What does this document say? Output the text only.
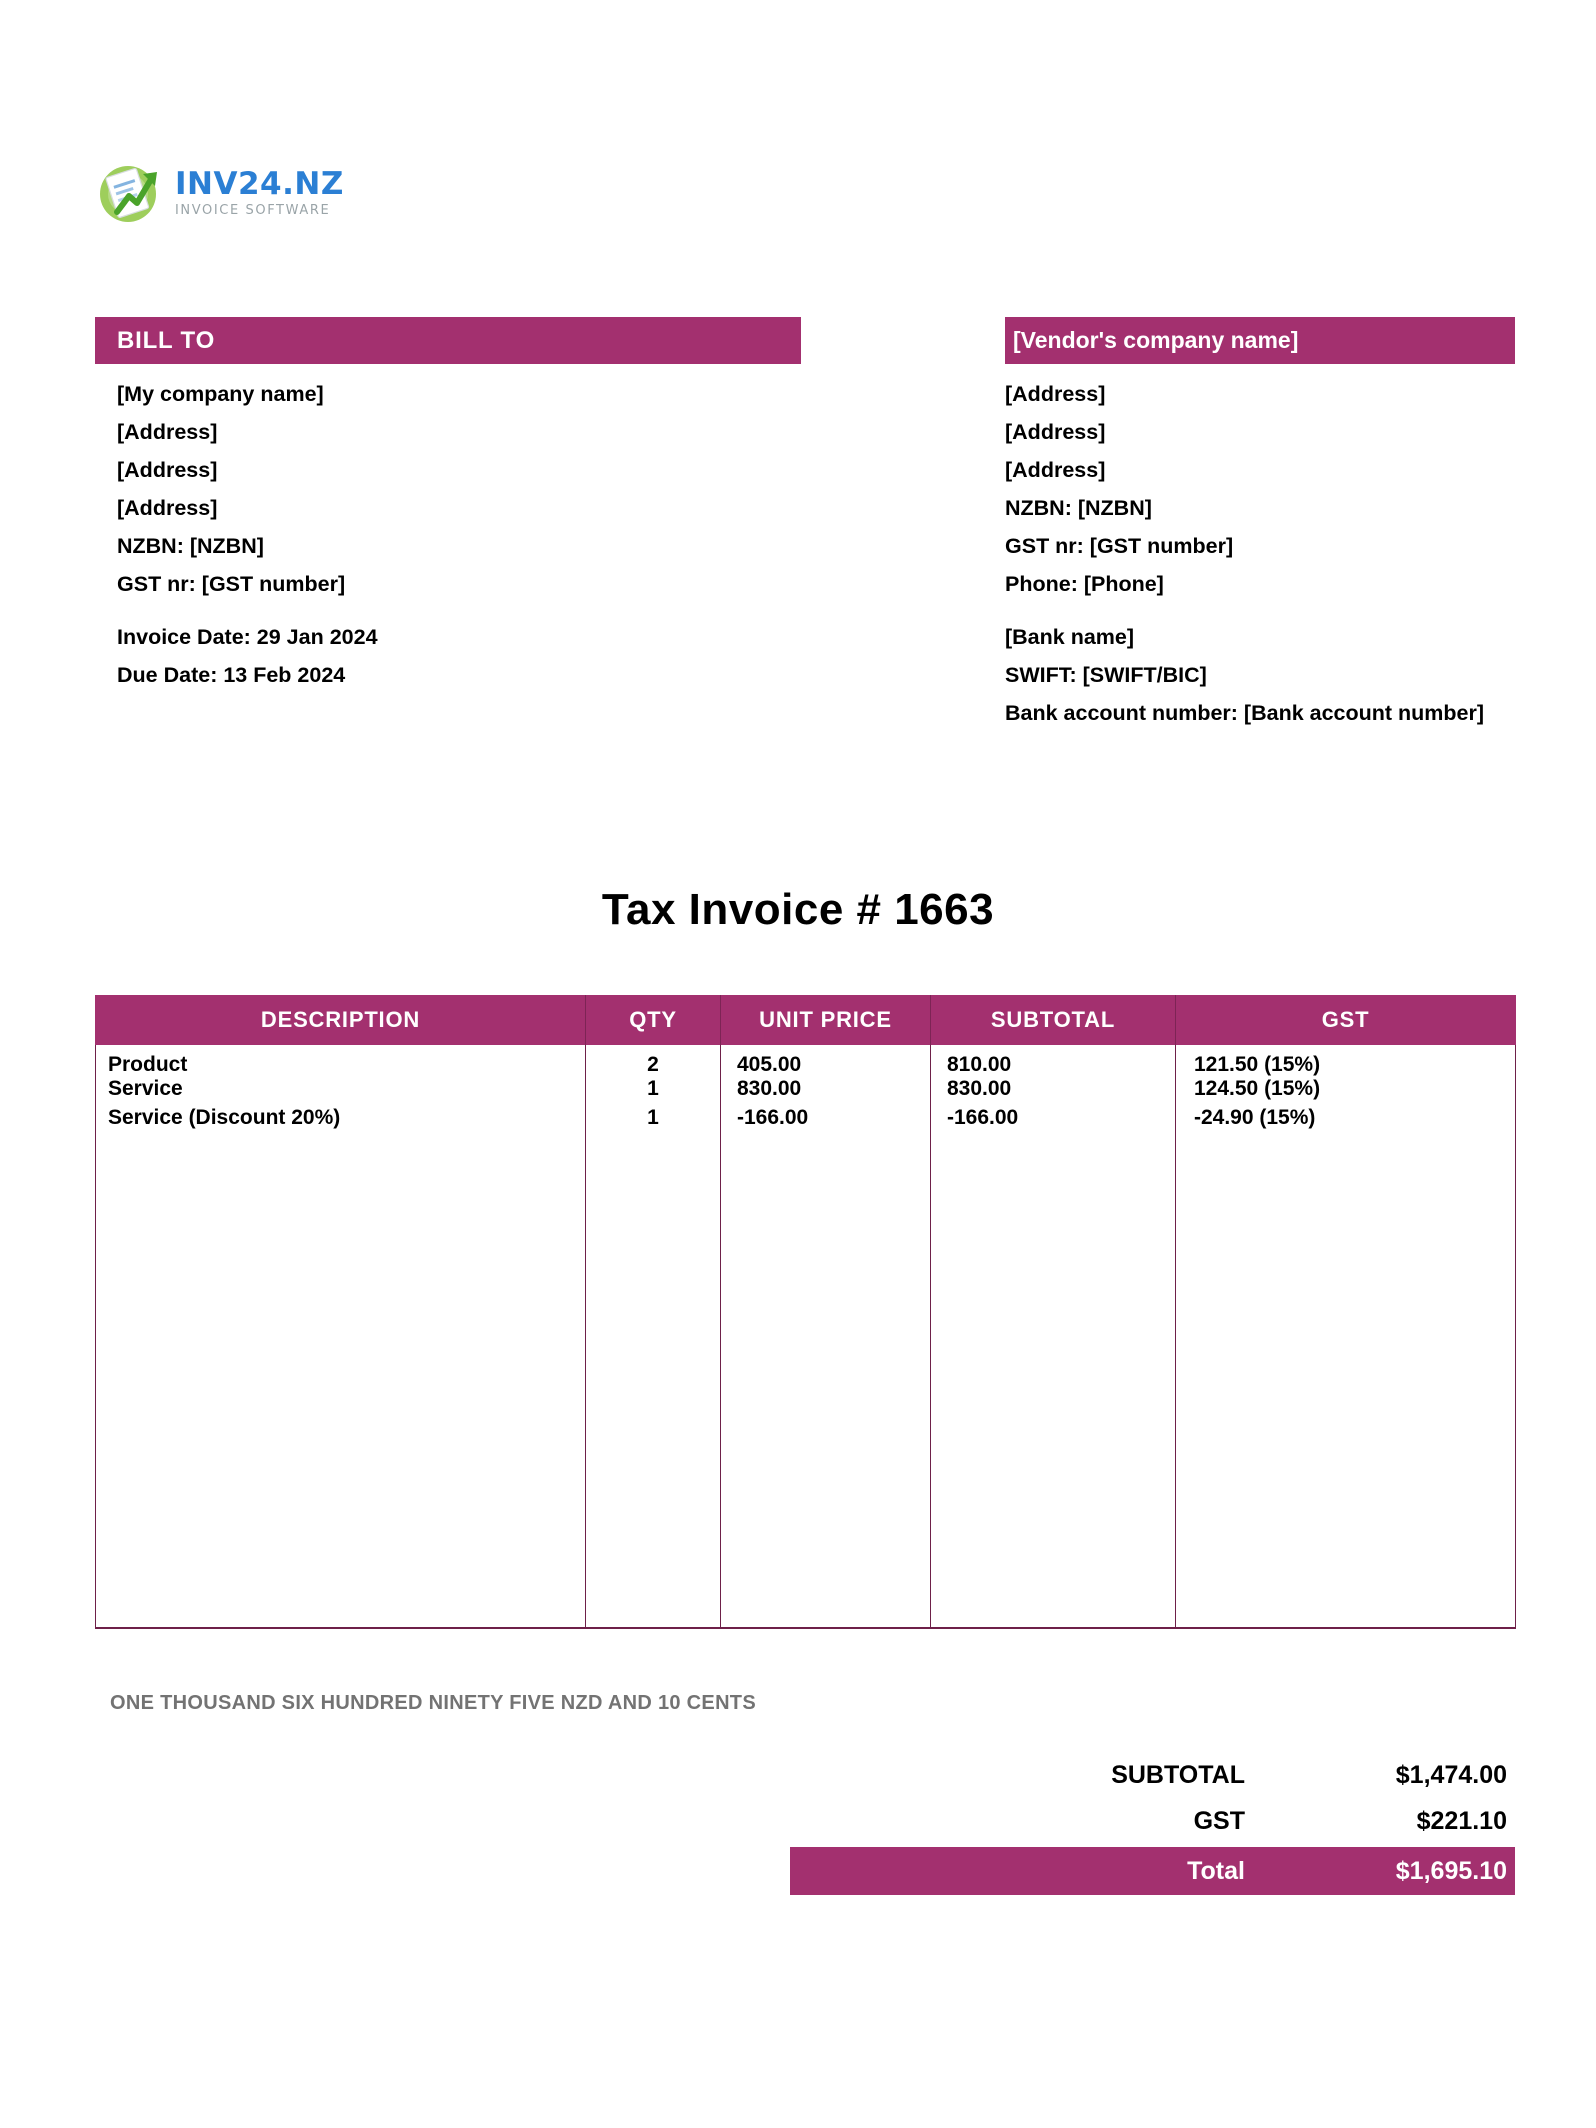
INV24.NZ
INVOICE SOFTWARE
BILL TO	[Vendor's company name]
[My company name]
[Address]
[Address]
[Address]
NZBN: [NZBN]
GST nr: [GST number]
Invoice Date: 29 Jan 2024
Due Date: 13 Feb 2024
[Address]
[Address]
[Address]
NZBN: [NZBN]
GST nr: [GST number]
Phone: [Phone]
[Bank name]
SWIFT: [SWIFT/BIC]
Bank account number: [Bank account number]
Tax Invoice # 1663
DESCRIPTION	QTY	UNIT PRICE	SUBTOTAL	GST
Product	2	405.00	810.00	121.50 (15%)
Service	1	830.00	830.00	124.50 (15%)
Service (Discount 20%)	1	-166.00	-166.00	-24.90 (15%)

ONE THOUSAND SIX HUNDRED NINETY FIVE NZD AND 10 CENTS
SUBTOTAL	$1,474.00
GST	$221.10
Total	$1,695.10
